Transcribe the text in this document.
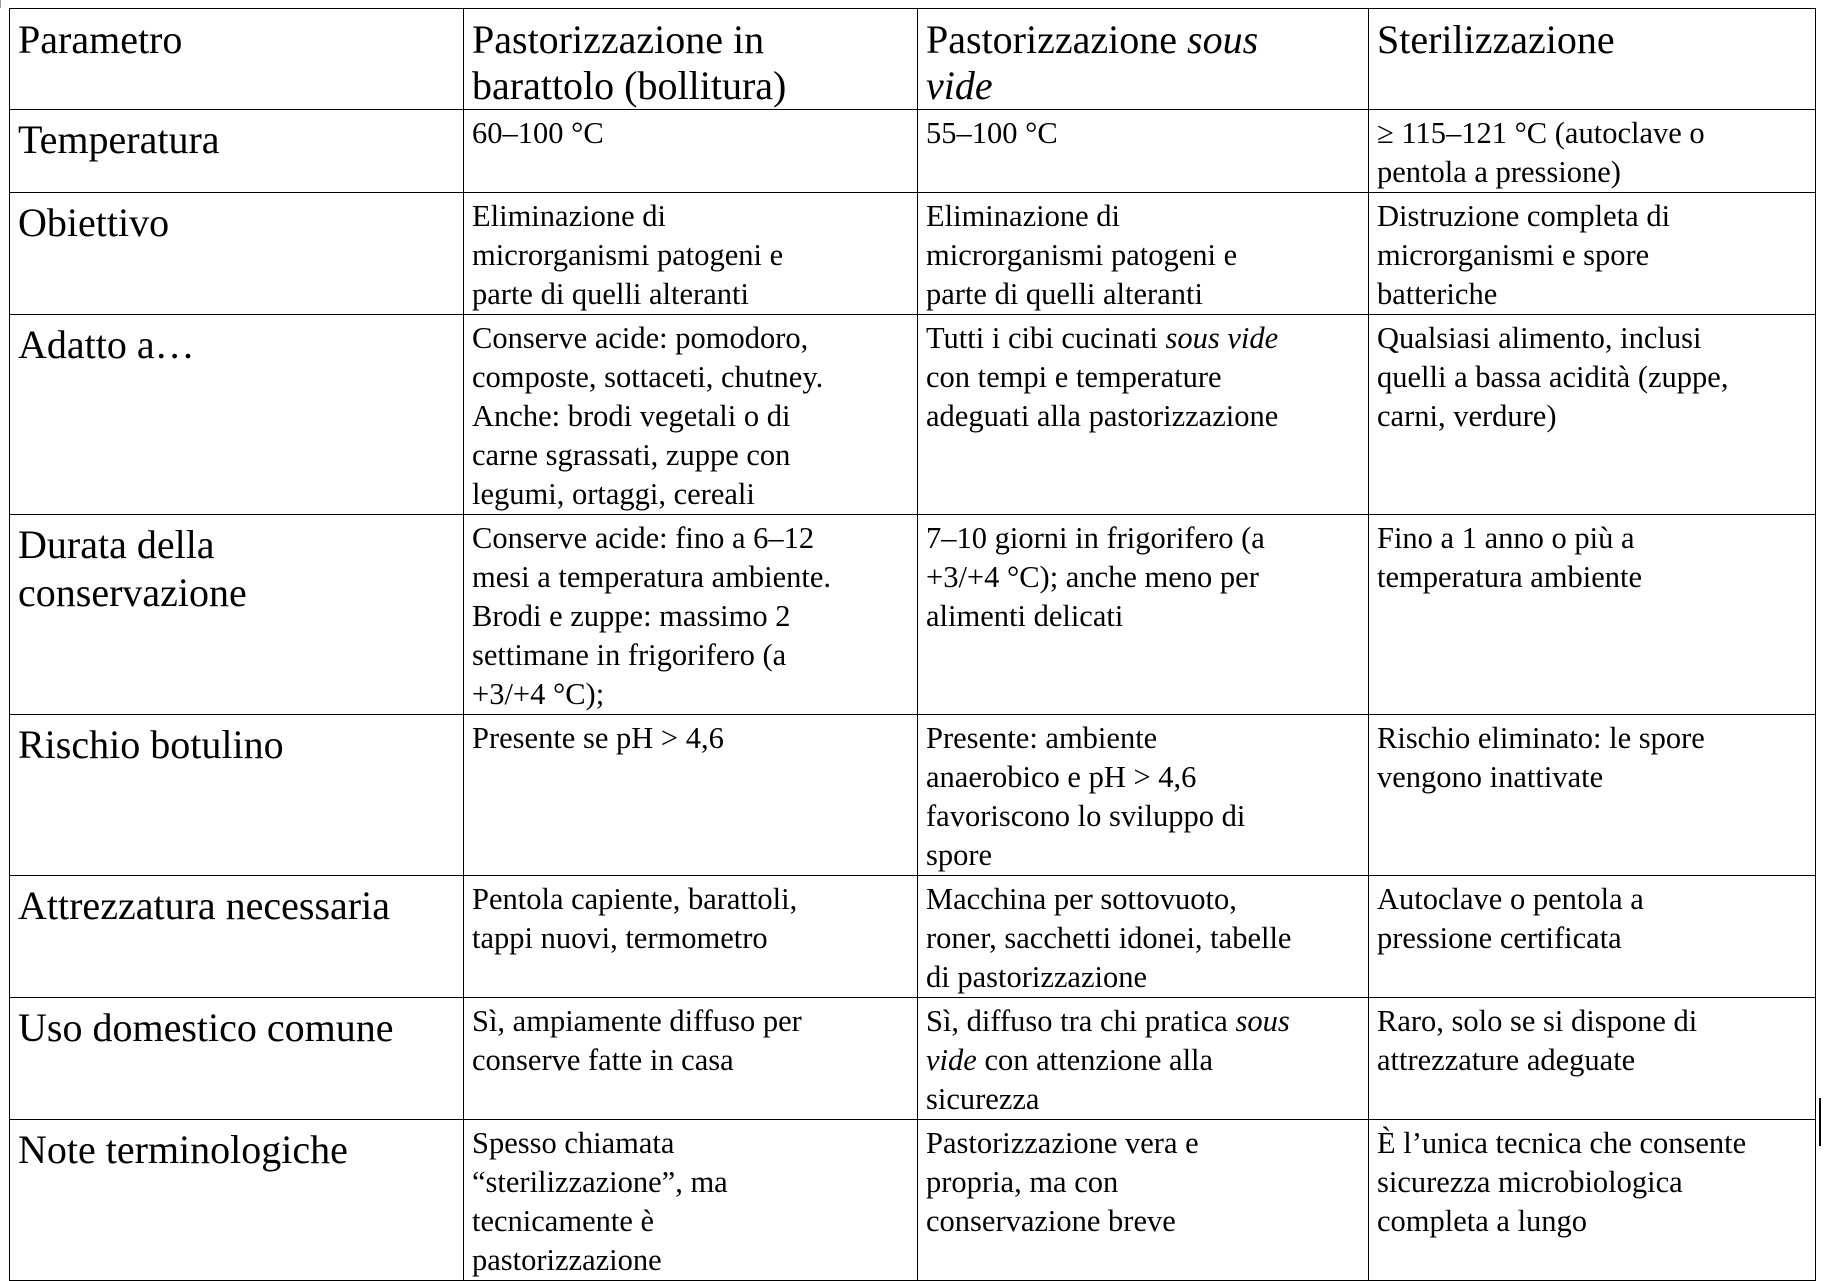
Parametro	Pastorizzazione in
barattolo (bollitura)	Pastorizzazione sous
vide	Sterilizzazione

Temperatura	60–100 °C	55–100 °C	≥ 115–121 °C (autoclave o
pentola a pressione)

Obiettivo	Eliminazione di
microrganismi patogeni e
parte di quelli alteranti	Eliminazione di
microrganismi patogeni e
parte di quelli alteranti	Distruzione completa di
microrganismi e spore
batteriche

Adatto a…	Conserve acide: pomodoro,
composte, sottaceti, chutney.
Anche: brodi vegetali o di
carne sgrassati, zuppe con
legumi, ortaggi, cereali	Tutti i cibi cucinati sous vide
con tempi e temperature
adeguati alla pastorizzazione	Qualsiasi alimento, inclusi
quelli a bassa acidità (zuppe,
carni, verdure)

Durata della
conservazione	Conserve acide: fino a 6–12
mesi a temperatura ambiente.
Brodi e zuppe: massimo 2
settimane in frigorifero (a
+3/+4 °C);	7–10 giorni in frigorifero (a
+3/+4 °C); anche meno per
alimenti delicati	Fino a 1 anno o più a
temperatura ambiente

Rischio botulino	Presente se pH > 4,6	Presente: ambiente
anaerobico e pH > 4,6
favoriscono lo sviluppo di
spore	Rischio eliminato: le spore
vengono inattivate

Attrezzatura necessaria	Pentola capiente, barattoli,
tappi nuovi, termometro	Macchina per sottovuoto,
roner, sacchetti idonei, tabelle
di pastorizzazione	Autoclave o pentola a
pressione certificata

Uso domestico comune	Sì, ampiamente diffuso per
conserve fatte in casa	Sì, diffuso tra chi pratica sous
vide con attenzione alla
sicurezza	Raro, solo se si dispone di
attrezzature adeguate

Note terminologiche	Spesso chiamata
“sterilizzazione”, ma
tecnicamente è
pastorizzazione	Pastorizzazione vera e
propria, ma con
conservazione breve	È l’unica tecnica che consente
sicurezza microbiologica
completa a lungo
